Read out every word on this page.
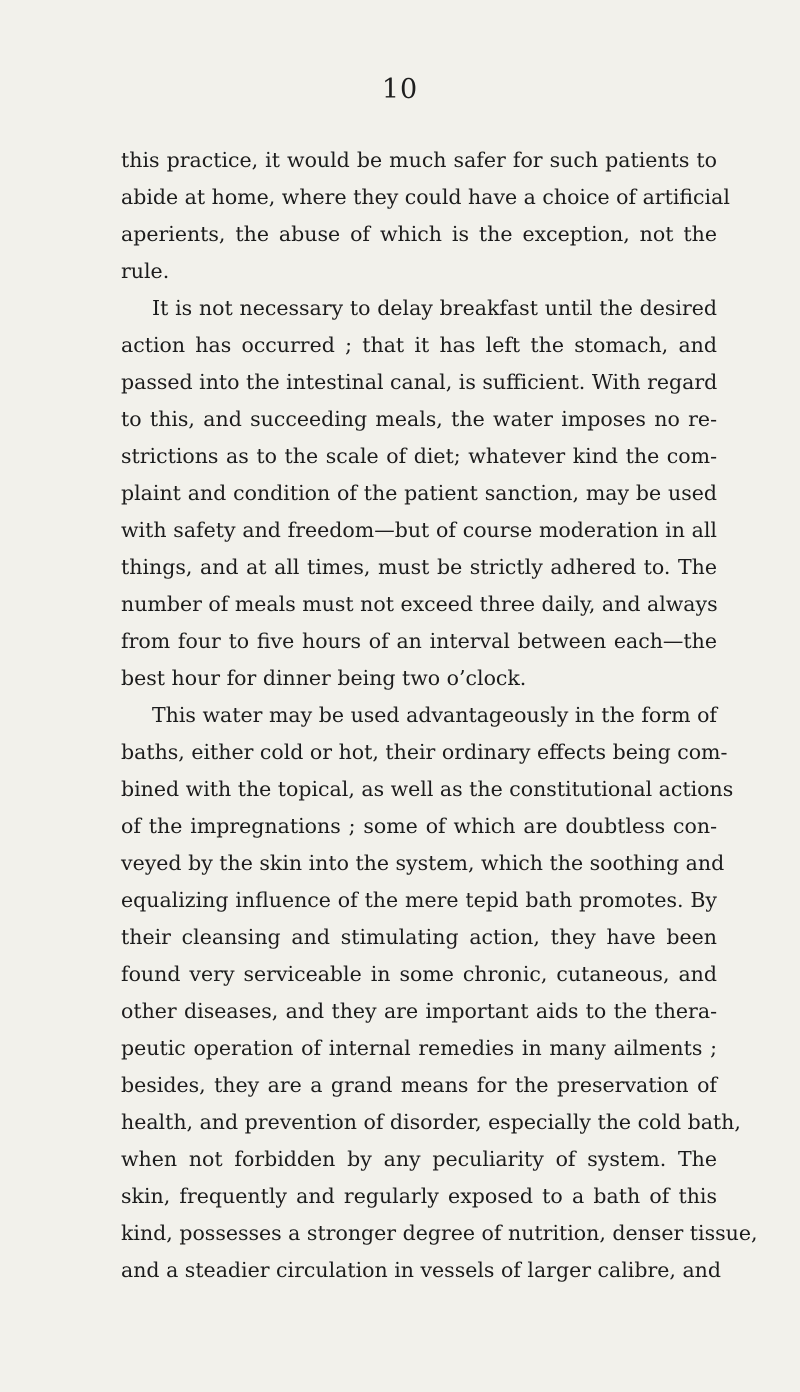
10
this practice, it would be much safer for such patients to
abide at home, where they could have a choice of artificial
aperients, the abuse of which is the exception, not the
rule.
It is not necessary to delay breakfast until the desired
action has occurred ; that it has left the stomach, and
passed into the intestinal canal, is sufficient. With regard
to this, and succeeding meals, the water imposes no re-
strictions as to the scale of diet; whatever kind the com-
plaint and condition of the patient sanction, may be used
with safety and freedom—but of course moderation in all
things, and at all times, must be strictly adhered to. The
number of meals must not exceed three daily, and always
from four to five hours of an interval between each—the
best hour for dinner being two o’clock.
This water may be used advantageously in the form of
baths, either cold or hot, their ordinary effects being com-
bined with the topical, as well as the constitutional actions
of the impregnations ; some of which are doubtless con-
veyed by the skin into the system, which the soothing and
equalizing influence of the mere tepid bath promotes. By
their cleansing and stimulating action, they have been
found very serviceable in some chronic, cutaneous, and
other diseases, and they are important aids to the thera-
peutic operation of internal remedies in many ailments ;
besides, they are a grand means for the preservation of
health, and prevention of disorder, especially the cold bath,
when not forbidden by any peculiarity of system. The
skin, frequently and regularly exposed to a bath of this
kind, possesses a stronger degree of nutrition, denser tissue,
and a steadier circulation in vessels of larger calibre, and
